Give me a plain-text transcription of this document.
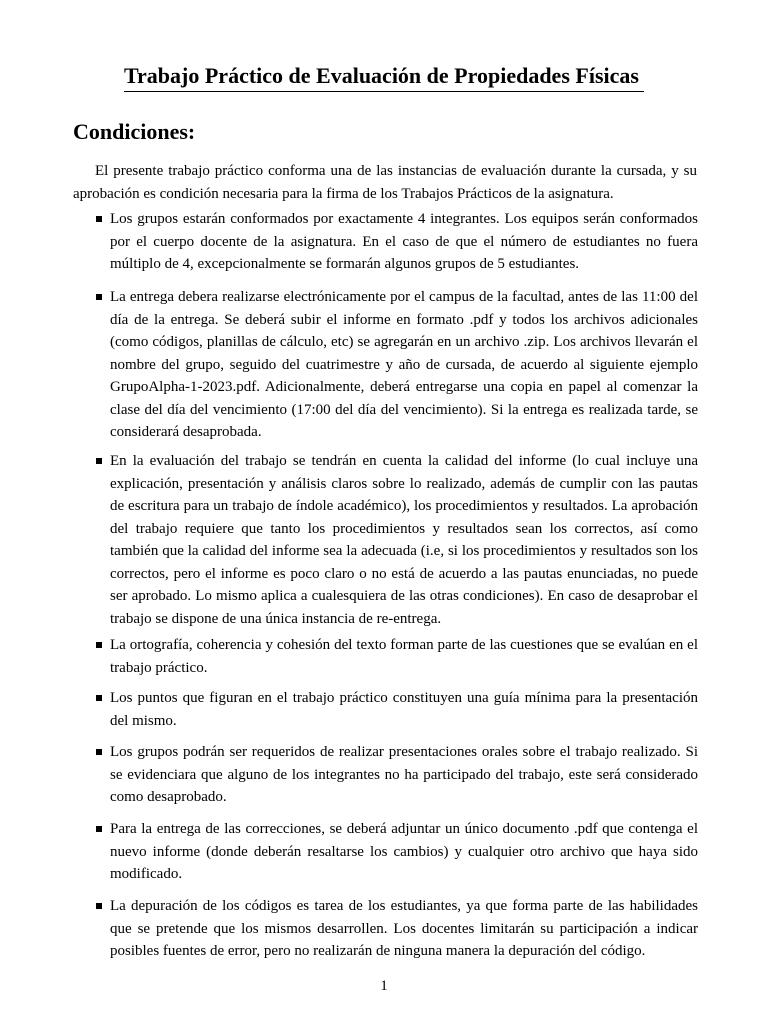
Trabajo Práctico de Evaluación de Propiedades Físicas
Condiciones:

El presente trabajo práctico conforma una de las instancias de evaluación durante la cursada, y su aprobación es condición necesaria para la firma de los Trabajos Prácticos de la asignatura.

Los grupos estarán conformados por exactamente 4 integrantes. Los equipos serán conformados por el cuerpo docente de la asignatura. En el caso de que el número de estudiantes no fuera múltiplo de 4, excepcionalmente se formarán algunos grupos de 5 estudiantes.

La entrega debera realizarse electrónicamente por el campus de la facultad, antes de las 11:00 del día de la entrega. Se deberá subir el informe en formato .pdf y todos los archivos adicionales (como códigos, planillas de cálculo, etc) se agregarán en un archivo .zip. Los archivos llevarán el nombre del grupo, seguido del cuatrimestre y año de cursada, de acuerdo al siguiente ejemplo GrupoAlpha-1-2023.pdf. Adicionalmente, deberá entregarse una copia en papel al comenzar la clase del día del vencimiento (17:00 del día del vencimiento). Si la entrega es realizada tarde, se considerará desaprobada.

En la evaluación del trabajo se tendrán en cuenta la calidad del informe (lo cual incluye una explicación, presentación y análisis claros sobre lo realizado, además de cumplir con las pautas de escritura para un trabajo de índole académico), los procedimientos y resultados. La aprobación del trabajo requiere que tanto los procedimientos y resultados sean los correctos, así como también que la calidad del informe sea la adecuada (i.e, si los procedimientos y resultados son los correctos, pero el informe es poco claro o no está de acuerdo a las pautas enunciadas, no puede ser aprobado. Lo mismo aplica a cualesquiera de las otras condiciones). En caso de desaprobar el trabajo se dispone de una única instancia de re-entrega.

La ortografía, coherencia y cohesión del texto forman parte de las cuestiones que se evalúan en el trabajo práctico.

Los puntos que figuran en el trabajo práctico constituyen una guía mínima para la presentación del mismo.

Los grupos podrán ser requeridos de realizar presentaciones orales sobre el trabajo realizado. Si se evidenciara que alguno de los integrantes no ha participado del trabajo, este será considerado como desaprobado.

Para la entrega de las correcciones, se deberá adjuntar un único documento .pdf que contenga el nuevo informe (donde deberán resaltarse los cambios) y cualquier otro archivo que haya sido modificado.

La depuración de los códigos es tarea de los estudiantes, ya que forma parte de las habilidades que se pretende que los mismos desarrollen. Los docentes limitarán su participación a indicar posibles fuentes de error, pero no realizarán de ninguna manera la depuración del código.

1
